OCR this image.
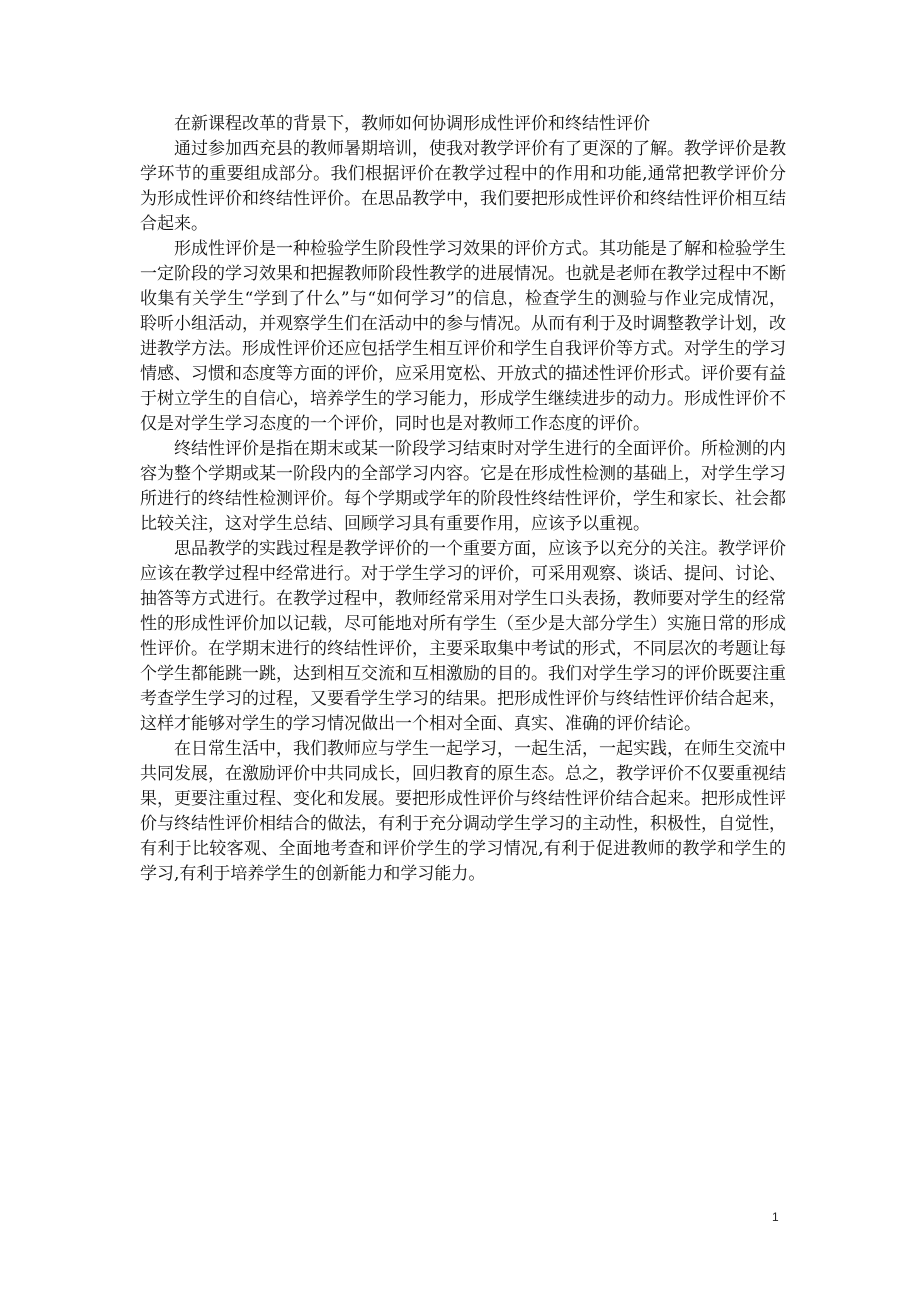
在新课程改革的背景下，教师如何协调形成性评价和终结性评价

通过参加西充县的教师暑期培训，使我对教学评价有了更深的了解。教学评价是教学环节的重要组成部分。我们根据评价在教学过程中的作用和功能,通常把教学评价分为形成性评价和终结性评价。在思品教学中，我们要把形成性评价和终结性评价相互结合起来。

形成性评价是一种检验学生阶段性学习效果的评价方式。其功能是了解和检验学生一定阶段的学习效果和把握教师阶段性教学的进展情况。也就是老师在教学过程中不断收集有关学生“学到了什么”与“如何学习”的信息，检查学生的测验与作业完成情况，聆听小组活动，并观察学生们在活动中的参与情况。从而有利于及时调整教学计划，改进教学方法。形成性评价还应包括学生相互评价和学生自我评价等方式。对学生的学习情感、习惯和态度等方面的评价，应采用宽松、开放式的描述性评价形式。评价要有益于树立学生的自信心，培养学生的学习能力，形成学生继续进步的动力。形成性评价不仅是对学生学习态度的一个评价，同时也是对教师工作态度的评价。

终结性评价是指在期末或某一阶段学习结束时对学生进行的全面评价。所检测的内容为整个学期或某一阶段内的全部学习内容。它是在形成性检测的基础上，对学生学习所进行的终结性检测评价。每个学期或学年的阶段性终结性评价，学生和家长、社会都比较关注，这对学生总结、回顾学习具有重要作用，应该予以重视。

思品教学的实践过程是教学评价的一个重要方面，应该予以充分的关注。教学评价应该在教学过程中经常进行。对于学生学习的评价，可采用观察、谈话、提问、讨论、抽答等方式进行。在教学过程中，教师经常采用对学生口头表扬，教师要对学生的经常性的形成性评价加以记载，尽可能地对所有学生（至少是大部分学生）实施日常的形成性评价。在学期末进行的终结性评价，主要采取集中考试的形式，不同层次的考题让每个学生都能跳一跳，达到相互交流和互相激励的目的。我们对学生学习的评价既要注重考查学生学习的过程，又要看学生学习的结果。把形成性评价与终结性评价结合起来，这样才能够对学生的学习情况做出一个相对全面、真实、准确的评价结论。

在日常生活中，我们教师应与学生一起学习，一起生活，一起实践，在师生交流中共同发展，在激励评价中共同成长，回归教育的原生态。总之，教学评价不仅要重视结果，更要注重过程、变化和发展。要把形成性评价与终结性评价结合起来。把形成性评价与终结性评价相结合的做法，有利于充分调动学生学习的主动性，积极性，自觉性，有利于比较客观、全面地考查和评价学生的学习情况,有利于促进教师的教学和学生的学习,有利于培养学生的创新能力和学习能力。

1
